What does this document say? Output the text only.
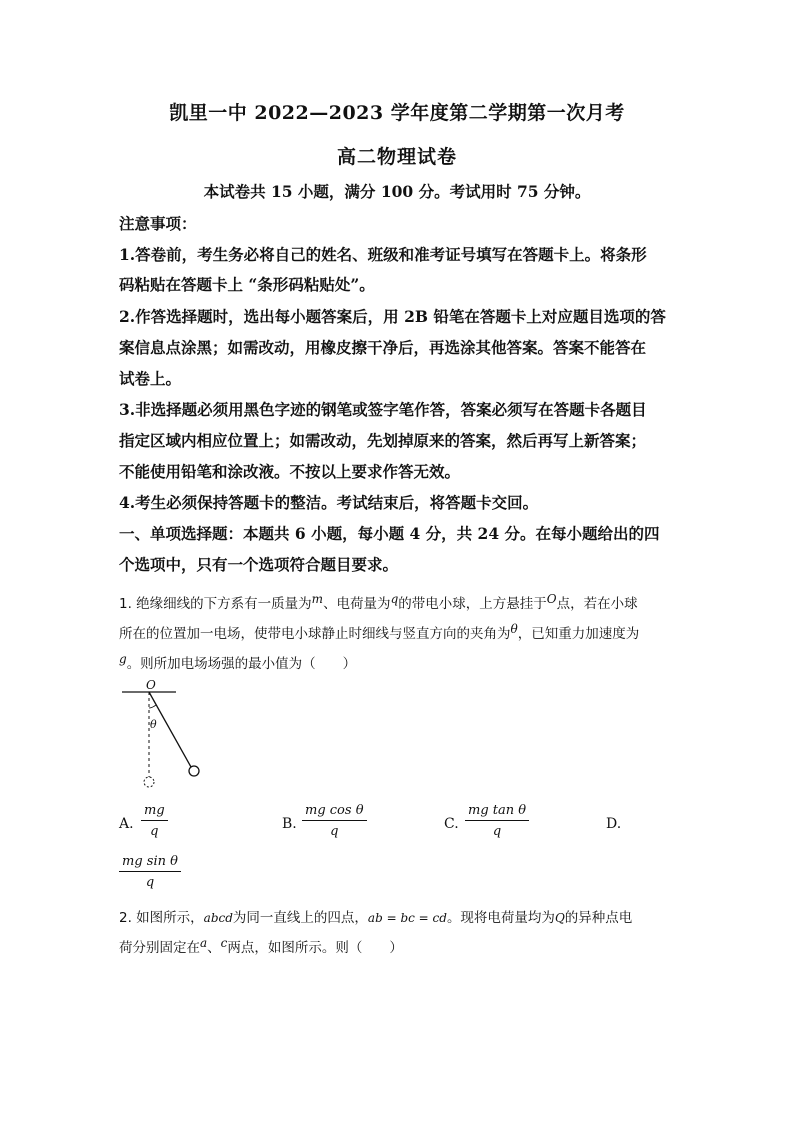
凯里一中 2022—2023 学年度第二学期第一次月考
高二物理试卷
本试卷共 15 小题，满分 100 分。考试用时 75 分钟。
注意事项：
1.答卷前，考生务必将自己的姓名、班级和准考证号填写在答题卡上。将条形
码粘贴在答题卡上 “条形码粘贴处”。
2.作答选择题时，选出每小题答案后，用 2B 铅笔在答题卡上对应题目选项的答
案信息点涂黑；如需改动，用橡皮擦干净后，再选涂其他答案。答案不能答在
试卷上。
3.非选择题必须用黑色字迹的钢笔或签字笔作答，答案必须写在答题卡各题目
指定区域内相应位置上；如需改动，先划掉原来的答案，然后再写上新答案；
不能使用铅笔和涂改液。不按以上要求作答无效。
4.考生必须保持答题卡的整洁。考试结束后，将答题卡交回。
一、单项选择题：本题共 6 小题，每小题 4 分，共 24 分。在每小题给出的四
个选项中，只有一个选项符合题目要求。
1. 绝缘细线的下方系有一质量为m、电荷量为q的带电小球，上方悬挂于O点，若在小球
所在的位置加一电场，使带电小球静止时细线与竖直方向的夹角为θ，已知重力加速度为
g。则所加电场场强的最小值为（　　）
O
θ
A. $\frac{mg}{q}$	B. $\frac{\text{mg cos θ}}{q}$	C. $\frac{\text{mg tan θ}}{q}$	D.
$\frac{\text{mg sin θ}}{q}$
2. 如图所示，abcd为同一直线上的四点，ab = bc = cd。现将电荷量均为Q的异种点电
荷分别固定在a、c两点，如图所示。则（　　）
